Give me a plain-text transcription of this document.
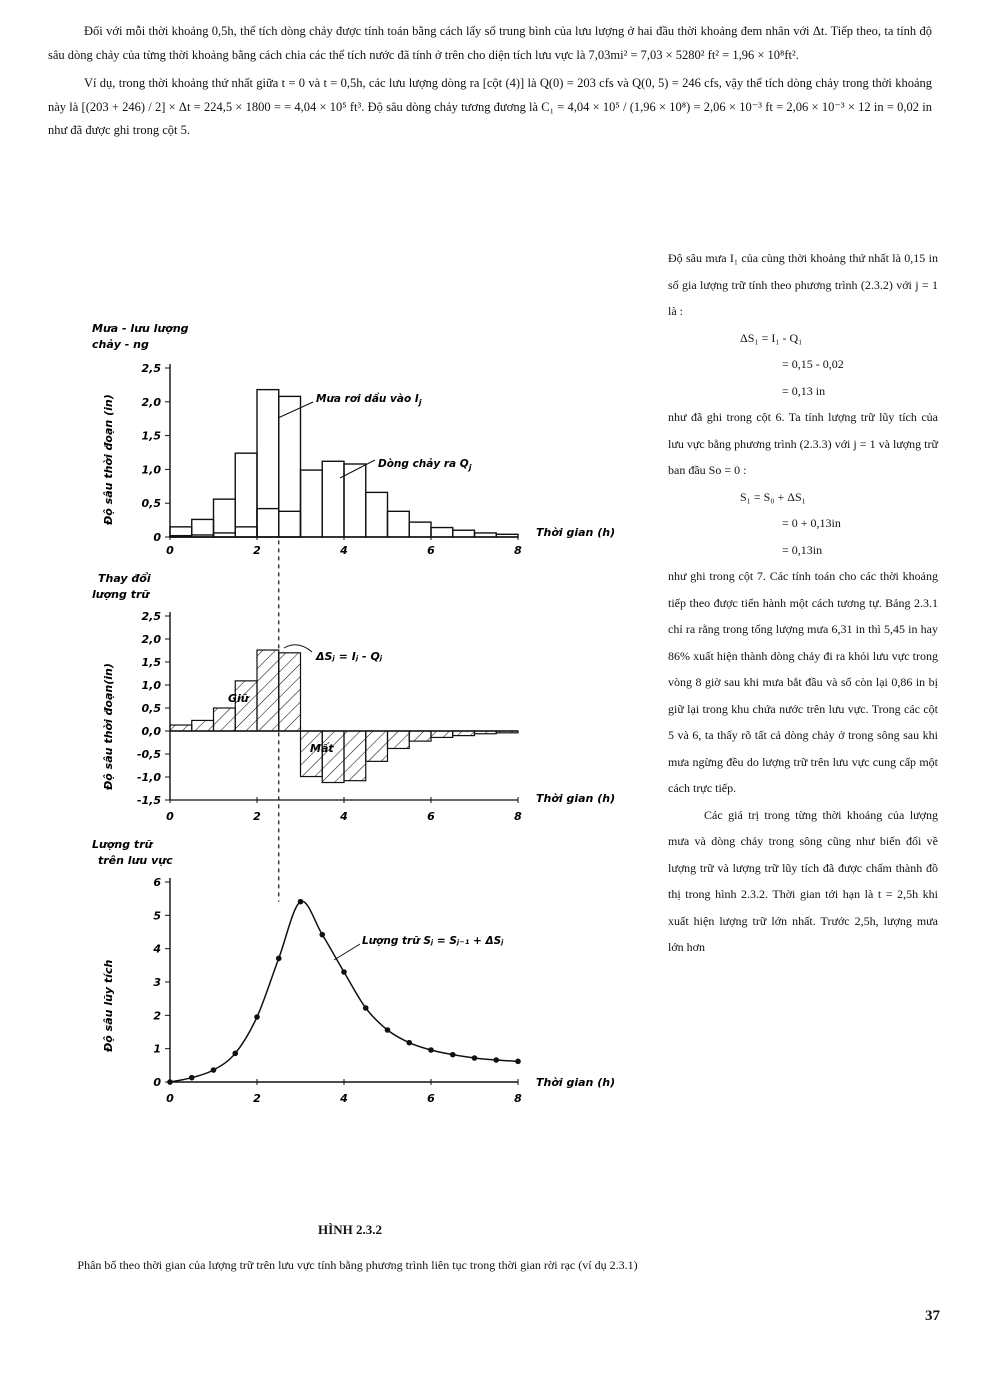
Đối với mỗi thời khoảng 0,5h, thể tích dòng chảy được tính toán bằng cách lấy số trung bình của lưu lượng ở hai đầu thời khoảng đem nhân với Δt. Tiếp theo, ta tính độ sâu dòng chảy của từng thời khoảng bằng cách chia các thể tích nước đã tính ở trên cho diện tích lưu vực là 7,03mi² = 7,03 × 5280² ft² = 1,96 × 10⁸ft².

Ví dụ, trong thời khoảng thứ nhất giữa t = 0 và t = 0,5h, các lưu lượng dòng ra [cột (4)] là Q(0) = 203 cfs và Q(0, 5) = 246 cfs, vậy thể tích dòng chảy trong thời khoảng này là [(203 + 246) / 2] × Δt = 224,5 × 1800 = = 4,04 × 10⁵ ft³. Độ sâu dòng chảy tương đương là C₁ = 4,04 × 10⁵ / (1,96 × 10⁸) = 2,06 × 10⁻³ ft = 2,06 × 10⁻³ × 12 in = 0,02 in như đã được ghi trong cột 5.

2,5
2,0
1,5
1,0
0,5
0
0	2	4	6	8
2,5
2,0
1,5
1,0
0,5
0,0
-0,5
-1,0
-1,5
0	2	4	6	8
6
5
4
3
2
1
0
0	2	4	6	8
Mưa - lưu lượng
chảy - ng
Độ sâu thời đoạn (in)
Thời gian (h)
Mưa rơi dầu vào $I_j$
Dòng chảy ra $Q_j$
Thay đổi
lượng trữ
Độ sâu thời đoạn(in)
Thời gian (h)
ΔSⱼ = Iⱼ - Qⱼ
Giữ
Mất
Lượng trữ
trên lưu vực
Độ sâu lũy tích
Thời gian (h)
Lượng trữ Sⱼ = Sⱼ₋₁ + ΔSⱼ
HÌNH 2.3.2
Phân bố theo thời gian của lượng trữ trên lưu vực tính bằng phương trình liên tục trong thời gian rời rạc (ví dụ 2.3.1)

Độ sâu mưa I₁ của cùng thời khoảng thứ nhất là 0,15 in số gia lượng trữ tính theo phương trình (2.3.2) với j = 1 là :

ΔS₁ = I₁ - Q₁

= 0,15 - 0,02

= 0,13 in

như đã ghi trong cột 6. Ta tính lượng trữ lũy tích của lưu vực bằng phương trình (2.3.3) với j = 1 và lượng trữ ban đầu So = 0 :

S₁ = S₀ + ΔS₁

= 0 + 0,13in

= 0,13in

như ghi trong cột 7. Các tính toán cho các thời khoảng tiếp theo được tiến hành một cách tương tự. Bảng 2.3.1 chỉ ra rằng trong tổng lượng mưa 6,31 in thì 5,45 in hay 86% xuất hiện thành dòng chảy đi ra khỏi lưu vực trong vòng 8 giờ sau khi mưa bắt đầu và số còn lại 0,86 in bị giữ lại trong khu chứa nước trên lưu vực. Trong các cột 5 và 6, ta thấy rõ tất cả dòng chảy ở trong sông sau khi mưa ngừng đều do lượng trữ trên lưu vực cung cấp một cách trực tiếp.

Các giá trị trong từng thời khoảng của lượng mưa và dòng chảy trong sông cũng như biến đổi về lượng trữ và lượng trữ lũy tích đã được chấm thành đồ thị trong hình 2.3.2. Thời gian tới hạn là t = 2,5h khi xuất hiện lượng trữ lớn nhất. Trước 2,5h, lượng mưa lớn hơn

37
